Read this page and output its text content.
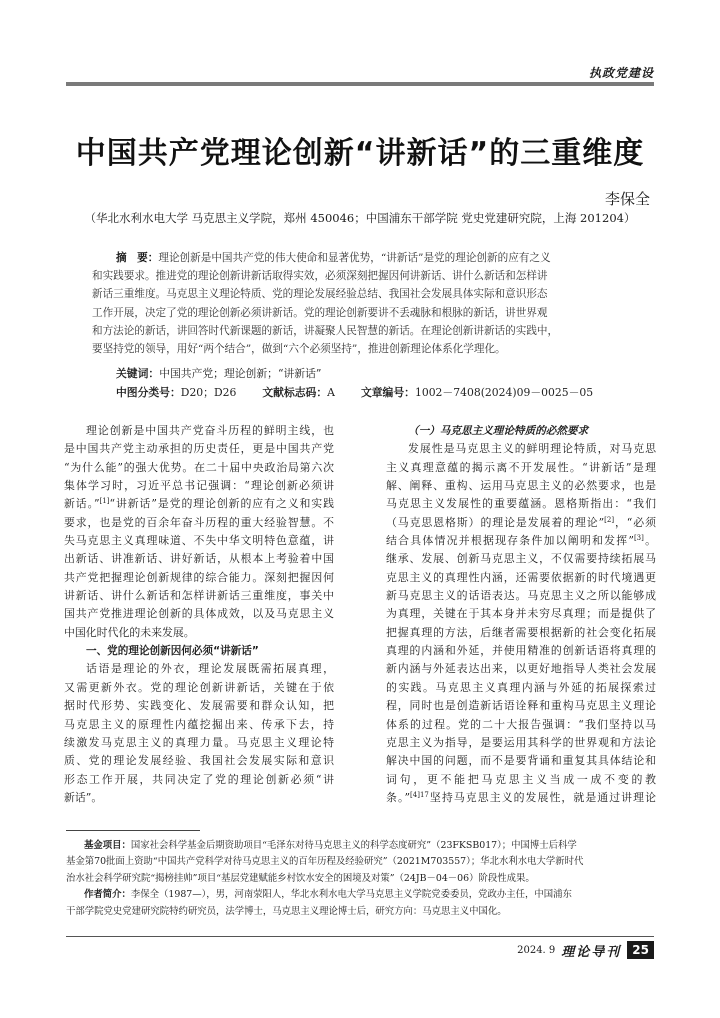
执政党建设
中国共产党理论创新“讲新话”的三重维度
李保全
（华北水利水电大学 马克思主义学院，郑州 450046；中国浦东干部学院 党史党建研究院，上海 201204）
摘　要：理论创新是中国共产党的伟大使命和显著优势，“讲新话”是党的理论创新的应有之义
和实践要求。推进党的理论创新讲新话取得实效，必须深刻把握因何讲新话、讲什么新话和怎样讲
新话三重维度。马克思主义理论特质、党的理论发展经验总结、我国社会发展具体实际和意识形态
工作开展，决定了党的理论创新必须讲新话。党的理论创新要讲不丢魂脉和根脉的新话，讲世界观
和方法论的新话，讲回答时代新课题的新话，讲凝聚人民智慧的新话。在理论创新讲新话的实践中，
要坚持党的领导，用好“两个结合”，做到“六个必须坚持”，推进创新理论体系化学理化。
关键词：中国共产党；理论创新；“讲新话”
中图分类号：D20；D26 文献标志码：A 文章编号：1002－7408(2024)09－0025－05
理论创新是中国共产党奋斗历程的鲜明主线，也
是中国共产党主动承担的历史责任，更是中国共产党
“为什么能”的强大优势。在二十届中央政治局第六次
集体学习时，习近平总书记强调：“理论创新必须讲
新话。”[1]“讲新话”是党的理论创新的应有之义和实践
要求，也是党的百余年奋斗历程的重大经验智慧。不
失马克思主义真理味道、不失中华文明特色意蕴，讲
出新话、讲准新话、讲好新话，从根本上考验着中国
共产党把握理论创新规律的综合能力。深刻把握因何
讲新话、讲什么新话和怎样讲新话三重维度，事关中
国共产党推进理论创新的具体成效，以及马克思主义
中国化时代化的未来发展。
一、党的理论创新因何必须“讲新话”
话语是理论的外衣，理论发展既需拓展真理，
又需更新外衣。党的理论创新讲新话，关键在于依
据时代形势、实践变化、发展需要和群众认知，把
马克思主义的原理性内蕴挖掘出来、传承下去，持
续激发马克思主义的真理力量。马克思主义理论特
质、党的理论发展经验、我国社会发展实际和意识
形态工作开展，共同决定了党的理论创新必须“讲
新话”。
（一）马克思主义理论特质的必然要求
发展性是马克思主义的鲜明理论特质，对马克思
主义真理意蕴的揭示离不开发展性。“讲新话”是理
解、阐释、重构、运用马克思主义的必然要求，也是
马克思主义发展性的重要蕴涵。恩格斯指出：“我们
（马克思恩格斯）的理论是发展着的理论”[2]，“必须
结合具体情况并根据现存条件加以阐明和发挥”[3]。
继承、发展、创新马克思主义，不仅需要持续拓展马
克思主义的真理性内涵，还需要依据新的时代境遇更
新马克思主义的话语表达。马克思主义之所以能够成
为真理，关键在于其本身并未穷尽真理；而是提供了
把握真理的方法，后继者需要根据新的社会变化拓展
真理的内涵和外延，并使用精准的创新话语将真理的
新内涵与外延表达出来，以更好地指导人类社会发展
的实践。马克思主义真理内涵与外延的拓展探索过
程，同时也是创造新话语诠释和重构马克思主义理论
体系的过程。党的二十大报告强调：“我们坚持以马
克思主义为指导，是要运用其科学的世界观和方法论
解决中国的问题，而不是要背诵和重复其具体结论和
词句，更不能把马克思主义当成一成不变的教
条。”$^{[4]17}$坚持马克思主义的发展性，就是通过讲理论
基金项目：国家社会科学基金后期资助项目“毛泽东对待马克思主义的科学态度研究”（23FKSB017）；中国博士后科学
基金第70批面上资助“中国共产党科学对待马克思主义的百年历程及经验研究”（2021M703557）；华北水利水电大学新时代
治水社会科学研究院“揭榜挂帅”项目“基层党建赋能乡村饮水安全的困境及对策”（24JB－04－06）阶段性成果。
作者简介：李保全（1987—），男，河南荥阳人，华北水利水电大学马克思主义学院党委委员，党政办主任，中国浦东
干部学院党史党建研究院特约研究员，法学博士，马克思主义理论博士后，研究方向：马克思主义中国化。
2024. 9 理论导刊 25
